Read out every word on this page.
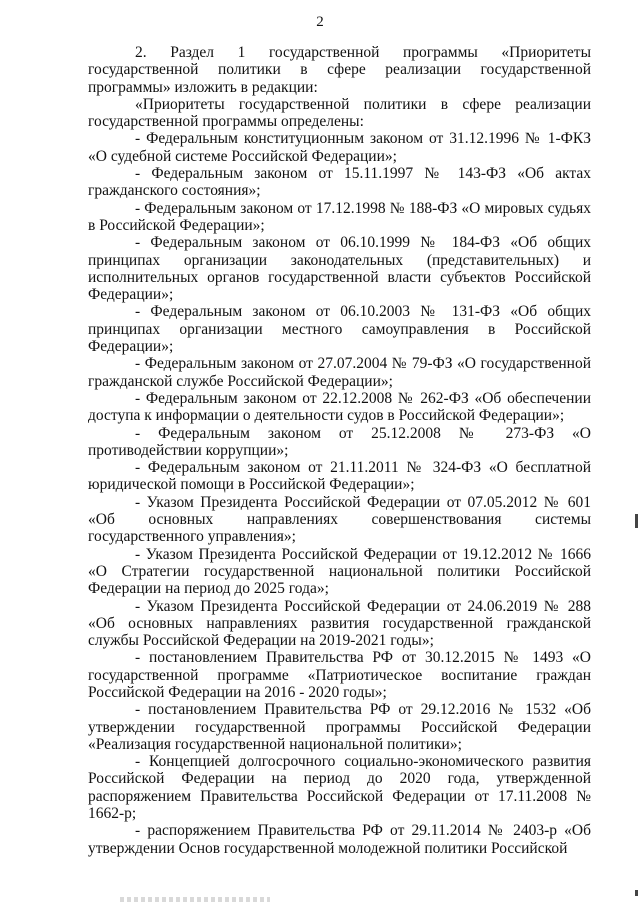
2

2. Раздел 1 государственной программы «Приоритеты государственной политики в сфере реализации государственной программы» изложить в редакции:

«Приоритеты государственной политики в сфере реализации государственной программы определены:

- Федеральным конституционным законом от 31.12.1996 № 1-ФКЗ «О судебной системе Российской Федерации»;

- Федеральным законом от 15.11.1997 № 143-ФЗ «Об актах гражданского состояния»;

- Федеральным законом от 17.12.1998 № 188-ФЗ «О мировых судьях в Российской Федерации»;

- Федеральным законом от 06.10.1999 № 184-ФЗ «Об общих принципах организации законодательных (представительных) и исполнительных органов государственной власти субъектов Российской Федерации»;

- Федеральным законом от 06.10.2003 № 131-ФЗ «Об общих принципах организации местного самоуправления в Российской Федерации»;

- Федеральным законом от 27.07.2004 № 79-ФЗ «О государственной гражданской службе Российской Федерации»;

- Федеральным законом от 22.12.2008 № 262-ФЗ «Об обеспечении доступа к информации о деятельности судов в Российской Федерации»;

- Федеральным законом от 25.12.2008 № 273-ФЗ «О противодействии коррупции»;

- Федеральным законом от 21.11.2011 № 324-ФЗ «О бесплатной юридической помощи в Российской Федерации»;

- Указом Президента Российской Федерации от 07.05.2012 № 601 «Об основных направлениях совершенствования системы государственного управления»;

- Указом Президента Российской Федерации от 19.12.2012 № 1666 «О Стратегии государственной национальной политики Российской Федерации на период до 2025 года»;

- Указом Президента Российской Федерации от 24.06.2019 № 288 «Об основных направлениях развития государственной гражданской службы Российской Федерации на 2019-2021 годы»;

- постановлением Правительства РФ от 30.12.2015 № 1493 «О государственной программе «Патриотическое воспитание граждан Российской Федерации на 2016 - 2020 годы»;

- постановлением Правительства РФ от 29.12.2016 № 1532 «Об утверждении государственной программы Российской Федерации «Реализация государственной национальной политики»;

- Концепцией долгосрочного социально-экономического развития Российской Федерации на период до 2020 года, утвержденной распоряжением Правительства Российской Федерации от 17.11.2008 № 1662-р;

- распоряжением Правительства РФ от 29.11.2014 № 2403-р «Об утверждении Основ государственной молодежной политики Российской
